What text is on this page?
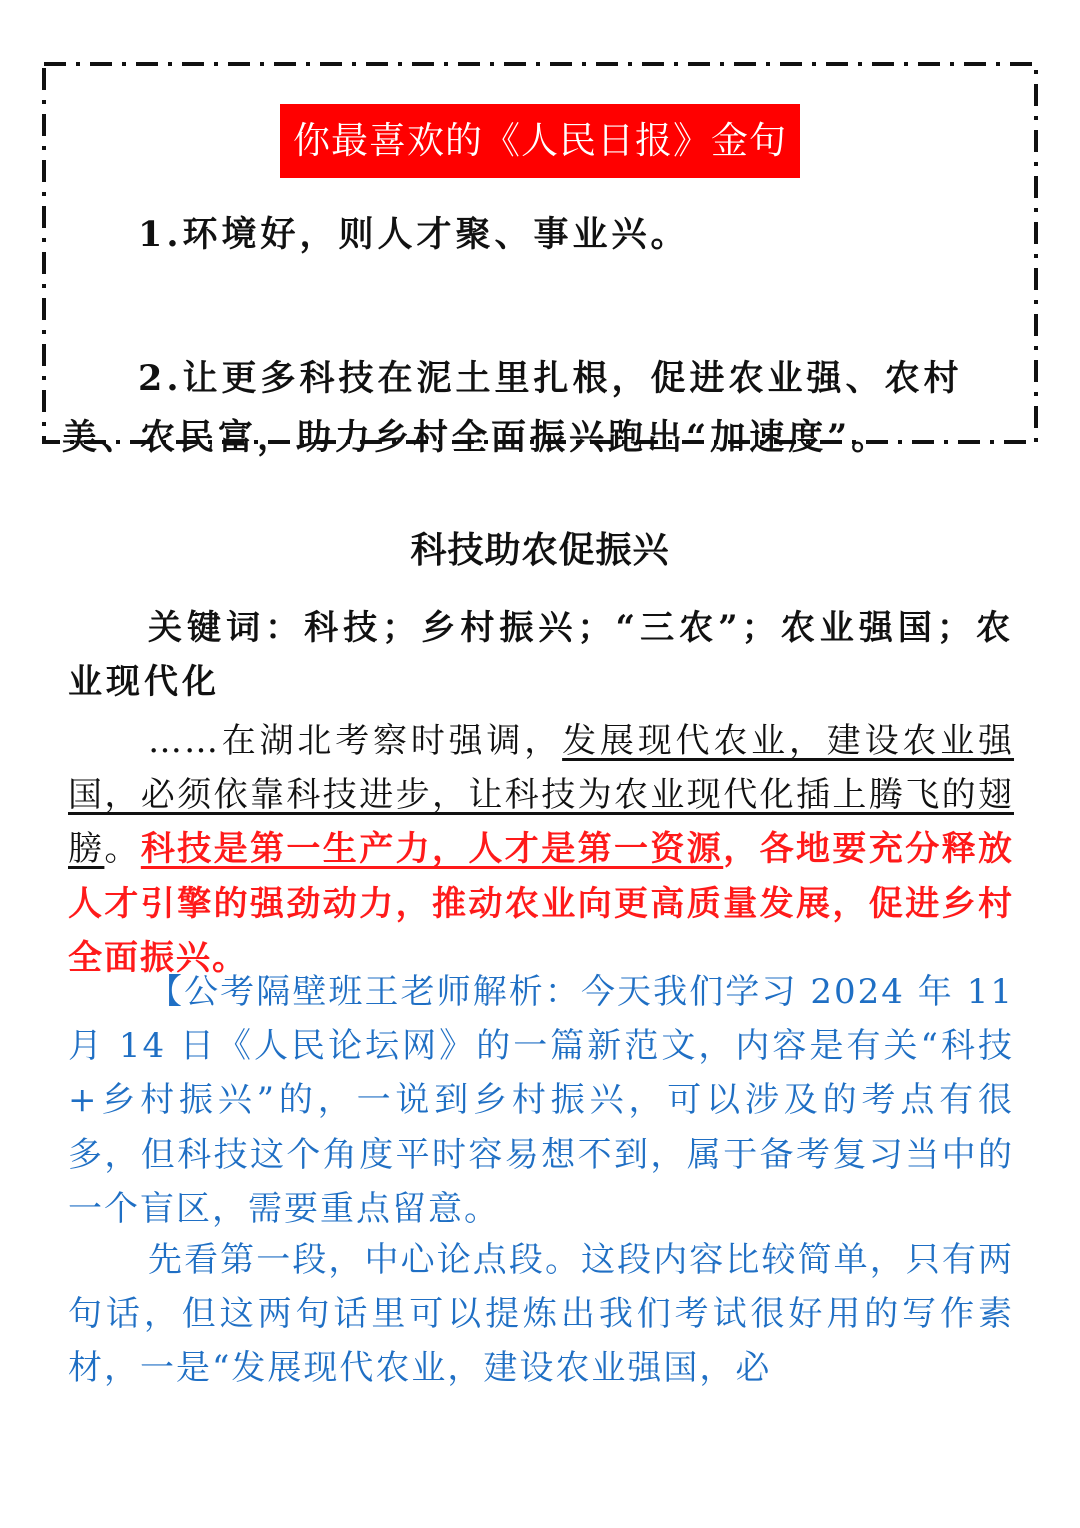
你最喜欢的《人民日报》金句
1.环境好，则人才聚、事业兴。
2.让更多科技在泥土里扎根，促进农业强、农村美、农民富，助力乡村全面振兴跑出“加速度”。
科技助农促振兴
关键词：科技；乡村振兴；“三农”；农业强国；农业现代化
……在湖北考察时强调，发展现代农业，建设农业强国，必须依靠科技进步，让科技为农业现代化插上腾飞的翅膀。科技是第一生产力，人才是第一资源，各地要充分释放人才引擎的强劲动力，推动农业向更高质量发展，促进乡村全面振兴。
【公考隔壁班王老师解析：今天我们学习 2024 年 11 月 14 日《人民论坛网》的一篇新范文，内容是有关“科技+乡村振兴”的，一说到乡村振兴，可以涉及的考点有很多，但科技这个角度平时容易想不到，属于备考复习当中的一个盲区，需要重点留意。
先看第一段，中心论点段。这段内容比较简单，只有两句话，但这两句话里可以提炼出我们考试很好用的写作素材，一是“发展现代农业，建设农业强国，必
